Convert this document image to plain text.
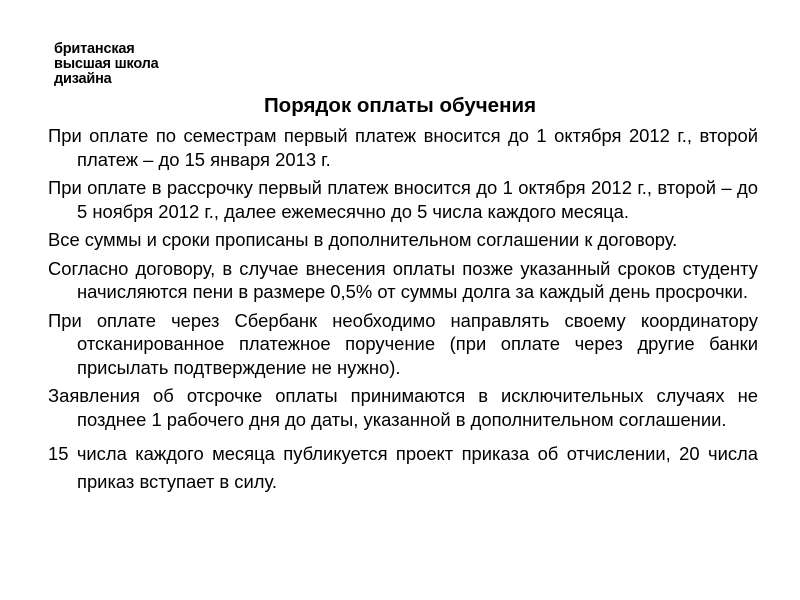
британская
высшая школа
дизайна
Порядок оплаты обучения

При оплате по семестрам первый платеж вносится до 1 октября 2012 г., второй платеж – до 15 января 2013 г.

При оплате в рассрочку первый платеж вносится до 1 октября 2012 г., второй – до 5 ноября 2012 г., далее ежемесячно до 5 числа каждого месяца.

Все суммы и сроки прописаны в дополнительном соглашении к договору.

Согласно договору, в случае внесения оплаты позже указанный сроков студенту начисляются пени в размере 0,5% от суммы долга за каждый день просрочки.

При оплате через Сбербанк необходимо направлять своему координатору отсканированное платежное поручение (при оплате через другие банки присылать подтверждение не нужно).

Заявления об отсрочке оплаты принимаются в исключительных случаях не позднее 1 рабочего дня до даты, указанной в дополнительном соглашении.

15 числа каждого месяца публикуется проект приказа об отчислении, 20 числа приказ вступает в силу.
